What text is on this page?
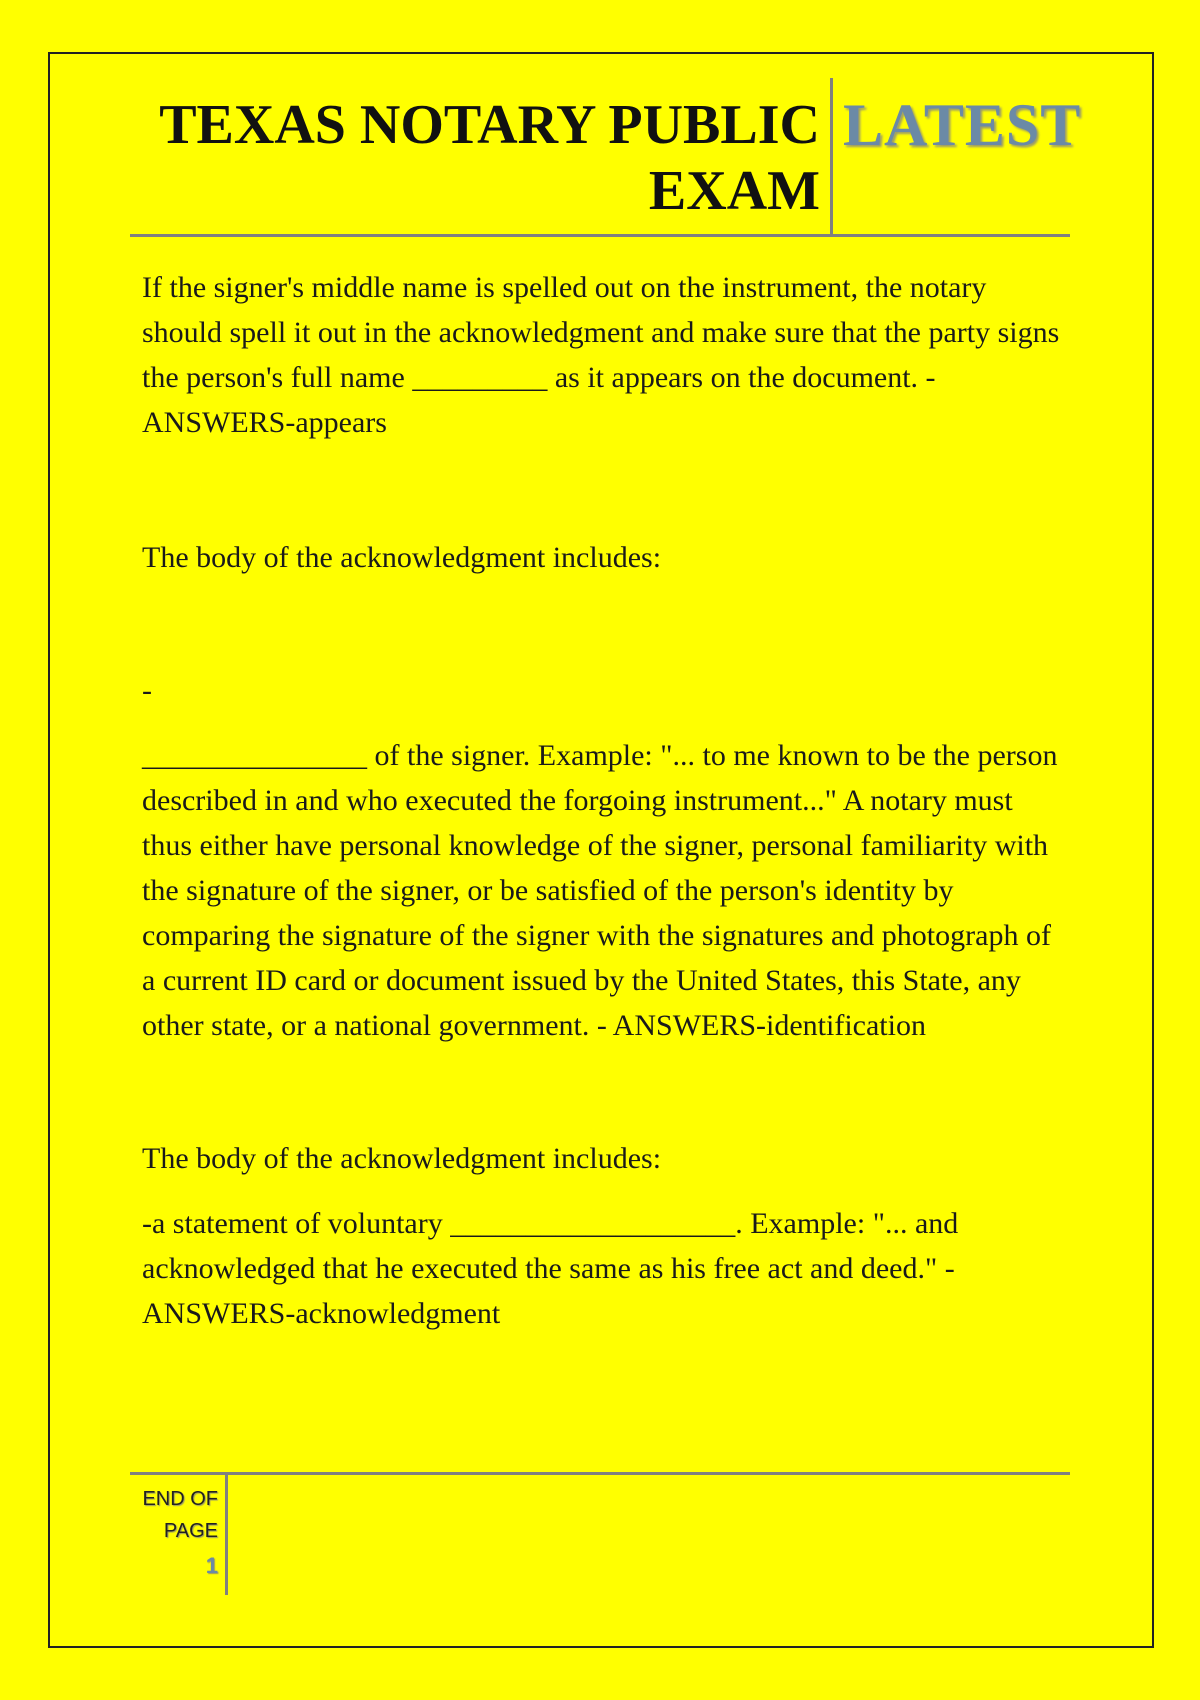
TEXAS NOTARY PUBLIC
EXAM
LATEST

If the signer's middle name is spelled out on the instrument, the notary should spell it out in the acknowledgment and make sure that the party signs the person's full name _________ as it appears on the document. - ANSWERS-appears

The body of the acknowledgment includes:

-

_______________ of the signer. Example: "... to me known to be the person described in and who executed the forgoing instrument..." A notary must thus either have personal knowledge of the signer, personal familiarity with the signature of the signer, or be satisfied of the person's identity by comparing the signature of the signer with the signatures and photograph of a current ID card or document issued by the United States, this State, any other state, or a national government. - ANSWERS-identification

The body of the acknowledgment includes:

-a statement of voluntary ___________________. Example: "... and acknowledged that he executed the same as his free act and deed." - ANSWERS-acknowledgment

END OF
PAGE
1
